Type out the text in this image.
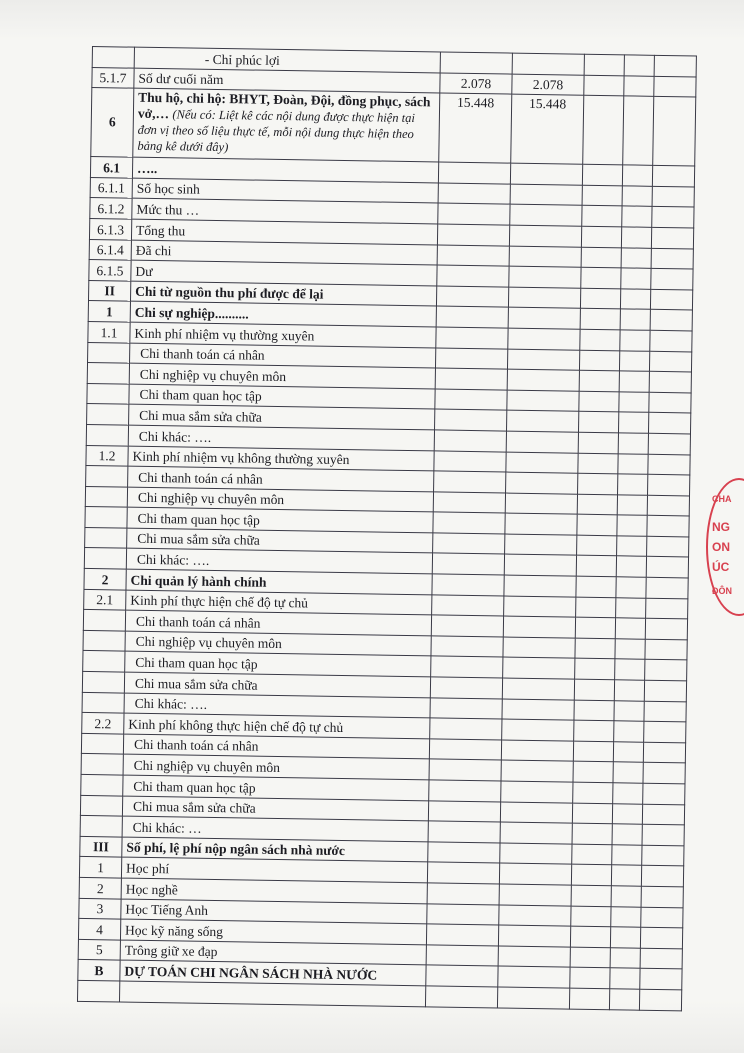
	- Chỉ phúc lợi					
5.1.7	Số dư cuối năm	2.078	2.078			
6	Thu hộ, chi hộ: BHYT, Đoàn, Đội, đồng phục, sách vở,… (Nếu có: Liệt kê các nội dung được thực hiện tại đơn vị theo số liệu thực tế, mỗi nội dung thực hiện theo bảng kê dưới đây)	15.448	15.448			
6.1	…..					
6.1.1	Số học sinh					
6.1.2	Mức thu …					
6.1.3	Tổng thu					
6.1.4	Đã chi					
6.1.5	Dư					
II	Chi từ nguồn thu phí được để lại					
1	Chi sự nghiệp..........					
1.1	Kinh phí nhiệm vụ thường xuyên					
	Chi thanh toán cá nhân					
	Chi nghiệp vụ chuyên môn					
	Chi tham quan học tập					
	Chi mua sắm sửa chữa					
	Chi khác: ….					
1.2	Kinh phí nhiệm vụ không thường xuyên					
	Chi thanh toán cá nhân					
	Chi nghiệp vụ chuyên môn					
	Chi tham quan học tập					
	Chi mua sắm sửa chữa					
	Chi khác: ….					
2	Chi quản lý hành chính					
2.1	Kinh phí thực hiện chế độ tự chủ					
	Chi thanh toán cá nhân					
	Chi nghiệp vụ chuyên môn					
	Chi tham quan học tập					
	Chi mua sắm sửa chữa					
	Chi khác: ….					
2.2	Kinh phí không thực hiện chế độ tự chủ					
	Chi thanh toán cá nhân					
	Chi nghiệp vụ chuyên môn					
	Chi tham quan học tập					
	Chi mua sắm sửa chữa					
	Chi khác: …					
III	Số phí, lệ phí nộp ngân sách nhà nước					
1	Học phí					
2	Học nghề					
3	Học Tiếng Anh					
4	Học kỹ năng sống					
5	Trông giữ xe đạp					
B	DỰ TOÁN CHI NGÂN SÁCH NHÀ NƯỚC					

CHA
NG
ON
ÚC
ĐÔN
